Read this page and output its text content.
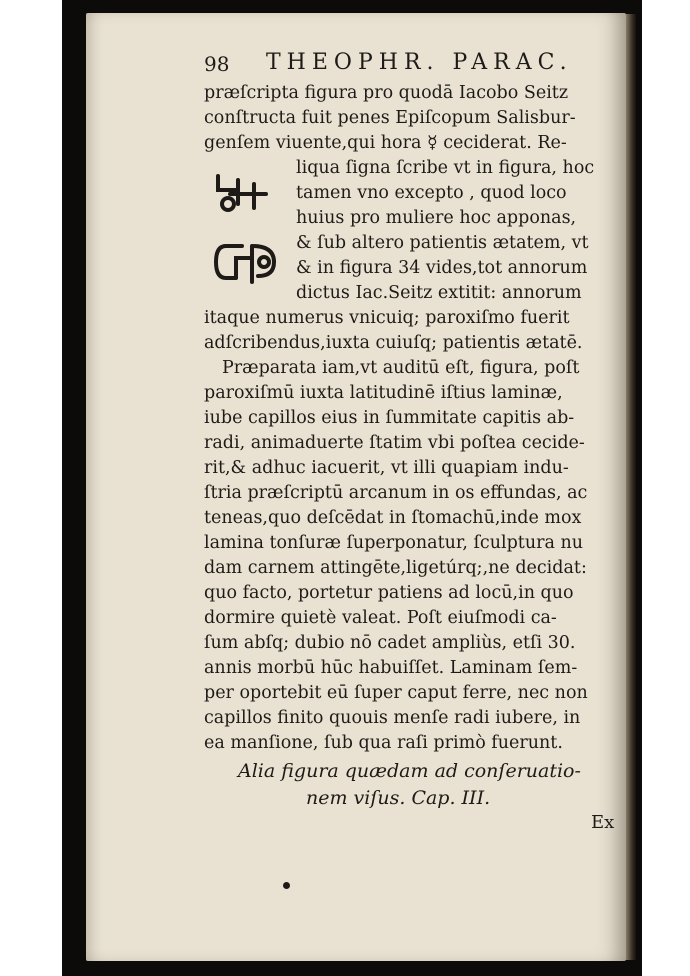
98 THEOPHR. PARAC.
præſcripta figura pro quodā Iacobo Seitz
conſtructa fuit penes Epiſcopum Salisbur-
genſem viuente,qui hora ☿ ceciderat. Re-
liqua ſigna ſcribe vt in figura, hoc
tamen vno excepto , quod loco
huius pro muliere hoc apponas,
& ſub altero patientis ætatem, vt
& in figura 34 vides,tot annorum
dictus Iac.Seitz extitit: annorum
itaque numerus vnicuiq; paroxiſmo fuerit
adſcribendus,iuxta cuiuſq; patientis ætatē.
Præparata iam,vt auditū eſt, figura, poſt
paroxiſmū iuxta latitudinē iſtius laminæ,
iube capillos eius in ſummitate capitis ab-
radi, animaduerte ſtatim vbi poſtea cecide-
rit,& adhuc iacuerit, vt illi quapiam indu-
ſtria præſcriptū arcanum in os effundas, ac
teneas,quo deſcēdat in ſtomachū,inde mox
lamina tonſuræ ſuperponatur, ſculptura nu
dam carnem attingēte,ligetúrq;,ne decidat:
quo facto, portetur patiens ad locū,in quo
dormire quietè valeat. Poſt eiuſmodi ca-
ſum abſq; dubio nō cadet ampliùs, etſi 30.
annis morbū hūc habuiſſet. Laminam ſem-
per oportebit eū ſuper caput ferre, nec non
capillos finito quouis menſe radi iubere, in
ea manſione, ſub qua raſi primò fuerunt.
Alia figura quædam ad conſeruatio-
nem viſus. Cap. III.
Ex
